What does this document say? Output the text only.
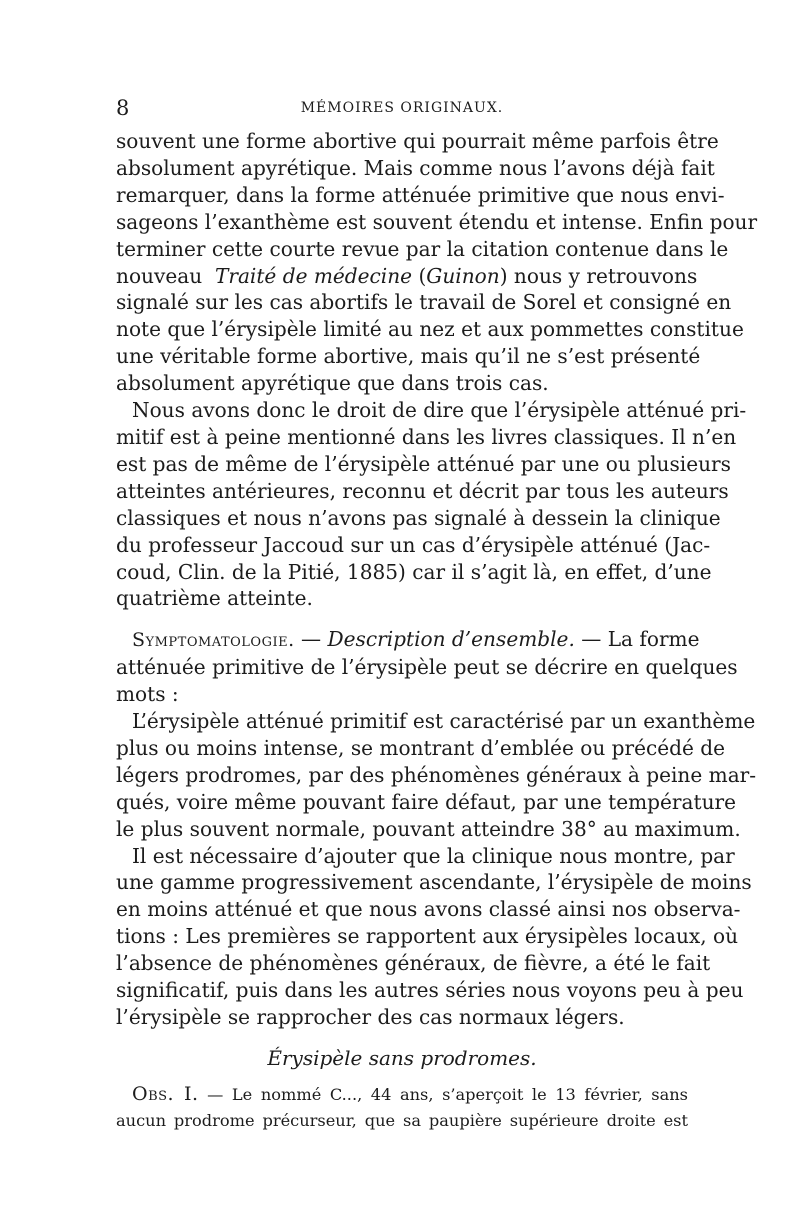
8	MÉMOIRES ORIGINAUX.
souvent une forme abortive qui pourrait même parfois être
absolument apyrétique. Mais comme nous l’avons déjà fait
remarquer, dans la forme atténuée primitive que nous envi-
sageons l’exanthème est souvent étendu et intense. Enfin pour
terminer cette courte revue par la citation contenue dans le
nouveau Traité de médecine (Guinon) nous y retrouvons
signalé sur les cas abortifs le travail de Sorel et consigné en
note que l’érysipèle limité au nez et aux pommettes constitue
une véritable forme abortive, mais qu’il ne s’est présenté
absolument apyrétique que dans trois cas.
Nous avons donc le droit de dire que l’érysipèle atténué pri-
mitif est à peine mentionné dans les livres classiques. Il n’en
est pas de même de l’érysipèle atténué par une ou plusieurs
atteintes antérieures, reconnu et décrit par tous les auteurs
classiques et nous n’avons pas signalé à dessein la clinique
du professeur Jaccoud sur un cas d’érysipèle atténué (Jac-
coud, Clin. de la Pitié, 1885) car il s’agit là, en effet, d’une
quatrième atteinte.
Symptomatologie. — Description d’ensemble. — La forme
atténuée primitive de l’érysipèle peut se décrire en quelques
mots :
L’érysipèle atténué primitif est caractérisé par un exanthème
plus ou moins intense, se montrant d’emblée ou précédé de
légers prodromes, par des phénomènes généraux à peine mar-
qués, voire même pouvant faire défaut, par une température
le plus souvent normale, pouvant atteindre 38° au maximum.
Il est nécessaire d’ajouter que la clinique nous montre, par
une gamme progressivement ascendante, l’érysipèle de moins
en moins atténué et que nous avons classé ainsi nos observa-
tions : Les premières se rapportent aux érysipèles locaux, où
l’absence de phénomènes généraux, de fièvre, a été le fait
significatif, puis dans les autres séries nous voyons peu à peu
l’érysipèle se rapprocher des cas normaux légers.
Érysipèle sans prodromes.
Obs. I. — Le nommé C..., 44 ans, s’aperçoit le 13 février, sans
aucun prodrome précurseur, que sa paupière supérieure droite est
